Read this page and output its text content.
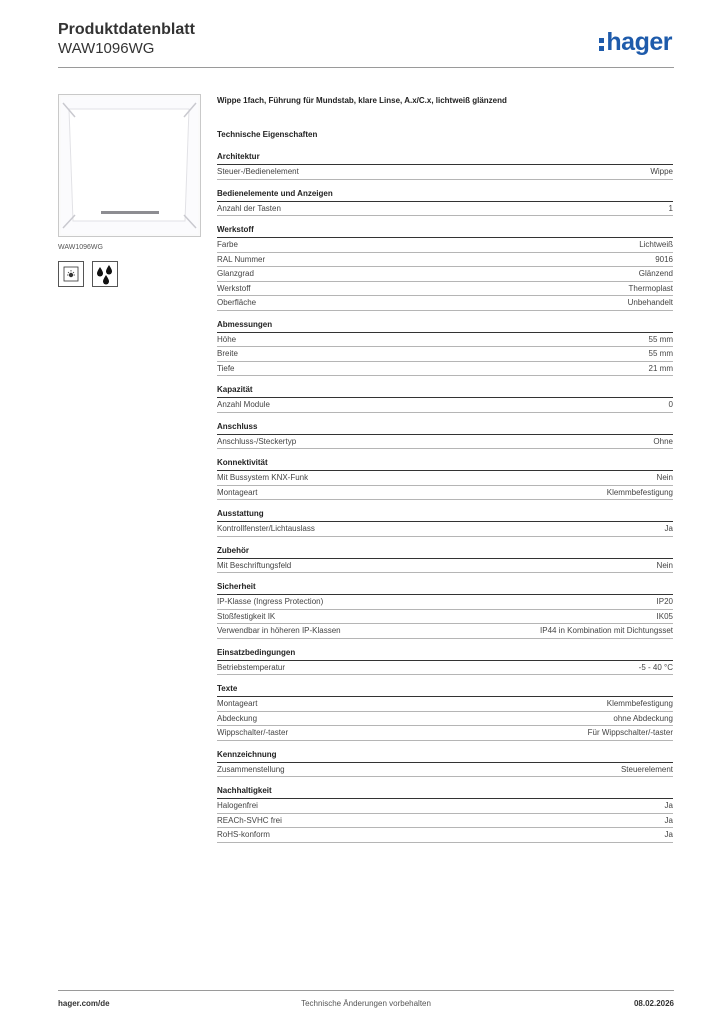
Produktdatenblatt
WAW1096WG	hager
WAW1096WG
Wippe 1fach, Führung für Mundstab, klare Linse, A.x/C.x, lichtweiß glänzend
Technische Eigenschaften
Architektur
Steuer-/Bedienelement	Wippe
Bedienelemente und Anzeigen
Anzahl der Tasten	1
Werkstoff
Farbe	Lichtweiß
RAL Nummer	9016
Glanzgrad	Glänzend
Werkstoff	Thermoplast
Oberfläche	Unbehandelt
Abmessungen
Höhe	55 mm
Breite	55 mm
Tiefe	21 mm
Kapazität
Anzahl Module	0
Anschluss
Anschluss-/Steckertyp	Ohne
Konnektivität
Mit Bussystem KNX-Funk	Nein
Montageart	Klemmbefestigung
Ausstattung
Kontrollfenster/Lichtauslass	Ja
Zubehör
Mit Beschriftungsfeld	Nein
Sicherheit
IP-Klasse (Ingress Protection)	IP20
Stoßfestigkeit IK	IK05
Verwendbar in höheren IP-Klassen	IP44 in Kombination mit Dichtungsset
Einsatzbedingungen
Betriebstemperatur	-5 - 40 °C
Texte
Montageart	Klemmbefestigung
Abdeckung	ohne Abdeckung
Wippschalter/-taster	Für Wippschalter/-taster
Kennzeichnung
Zusammenstellung	Steuerelement
Nachhaltigkeit
Halogenfrei	Ja
REACh-SVHC frei	Ja
RoHS-konform	Ja
hager.com/de	Technische Änderungen vorbehalten	08.02.2026
